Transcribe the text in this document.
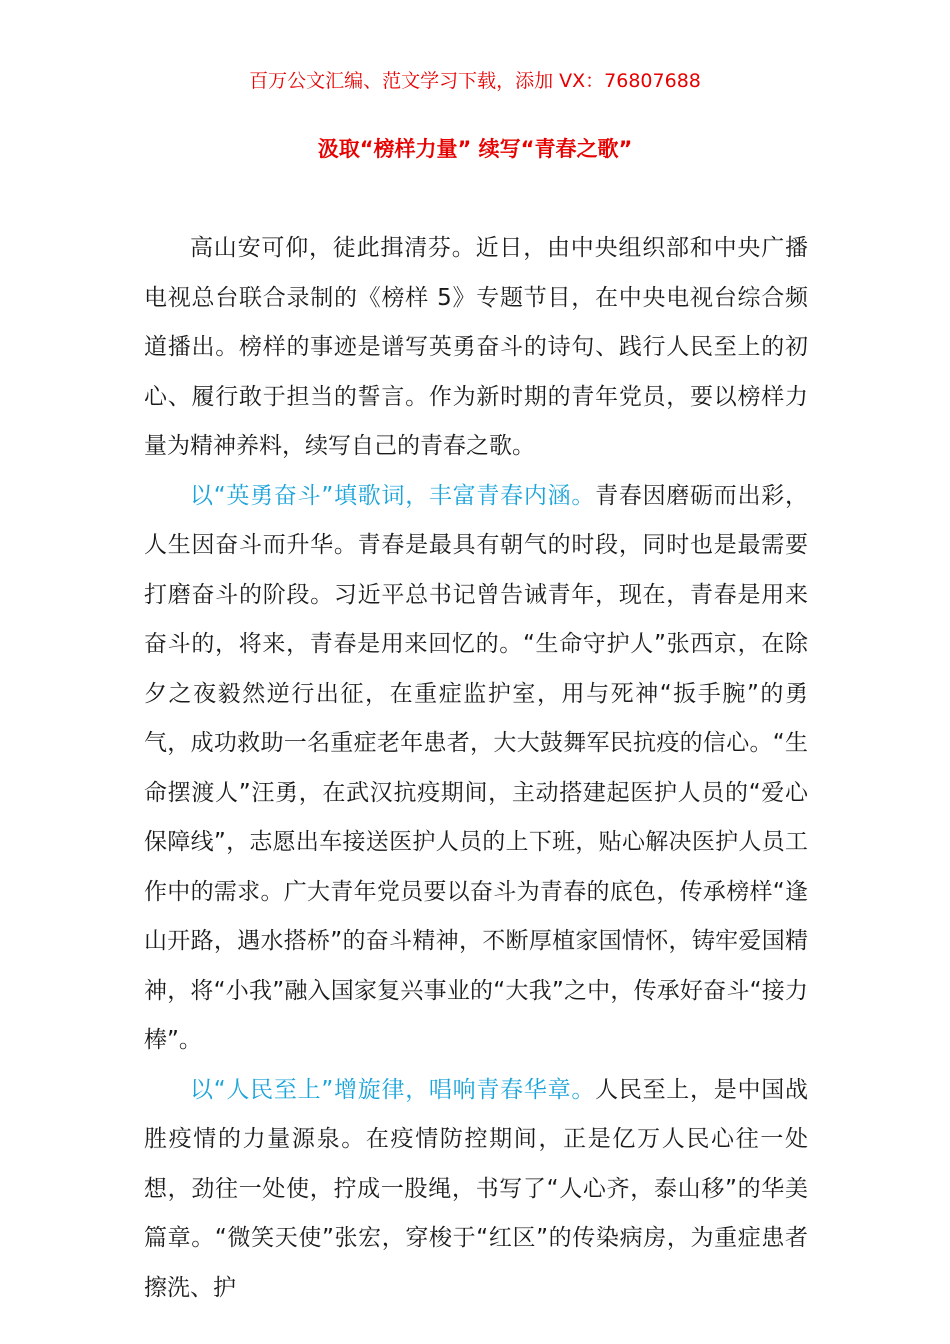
百万公文汇编、范文学习下载，添加 VX：76807688
汲取“榜样力量” 续写“青春之歌”

高山安可仰，徒此揖清芬。近日，由中央组织部和中央广播电视总台联合录制的《榜样 5》专题节目，在中央电视台综合频道播出。榜样的事迹是谱写英勇奋斗的诗句、践行人民至上的初心、履行敢于担当的誓言。作为新时期的青年党员，要以榜样力量为精神养料，续写自己的青春之歌。

以“英勇奋斗”填歌词，丰富青春内涵。青春因磨砺而出彩，人生因奋斗而升华。青春是最具有朝气的时段，同时也是最需要打磨奋斗的阶段。习近平总书记曾告诫青年，现在，青春是用来奋斗的，将来，青春是用来回忆的。“生命守护人”张西京，在除夕之夜毅然逆行出征，在重症监护室，用与死神“扳手腕”的勇气，成功救助一名重症老年患者，大大鼓舞军民抗疫的信心。“生命摆渡人”汪勇，在武汉抗疫期间，主动搭建起医护人员的“爱心保障线”，志愿出车接送医护人员的上下班，贴心解决医护人员工作中的需求。广大青年党员要以奋斗为青春的底色，传承榜样“逢山开路，遇水搭桥”的奋斗精神，不断厚植家国情怀，铸牢爱国精神，将“小我”融入国家复兴事业的“大我”之中，传承好奋斗“接力棒”。

以“人民至上”增旋律，唱响青春华章。人民至上，是中国战胜疫情的力量源泉。在疫情防控期间，正是亿万人民心往一处想，劲往一处使，拧成一股绳，书写了“人心齐，泰山移”的华美篇章。“微笑天使”张宏，穿梭于“红区”的传染病房，为重症患者擦洗、护
